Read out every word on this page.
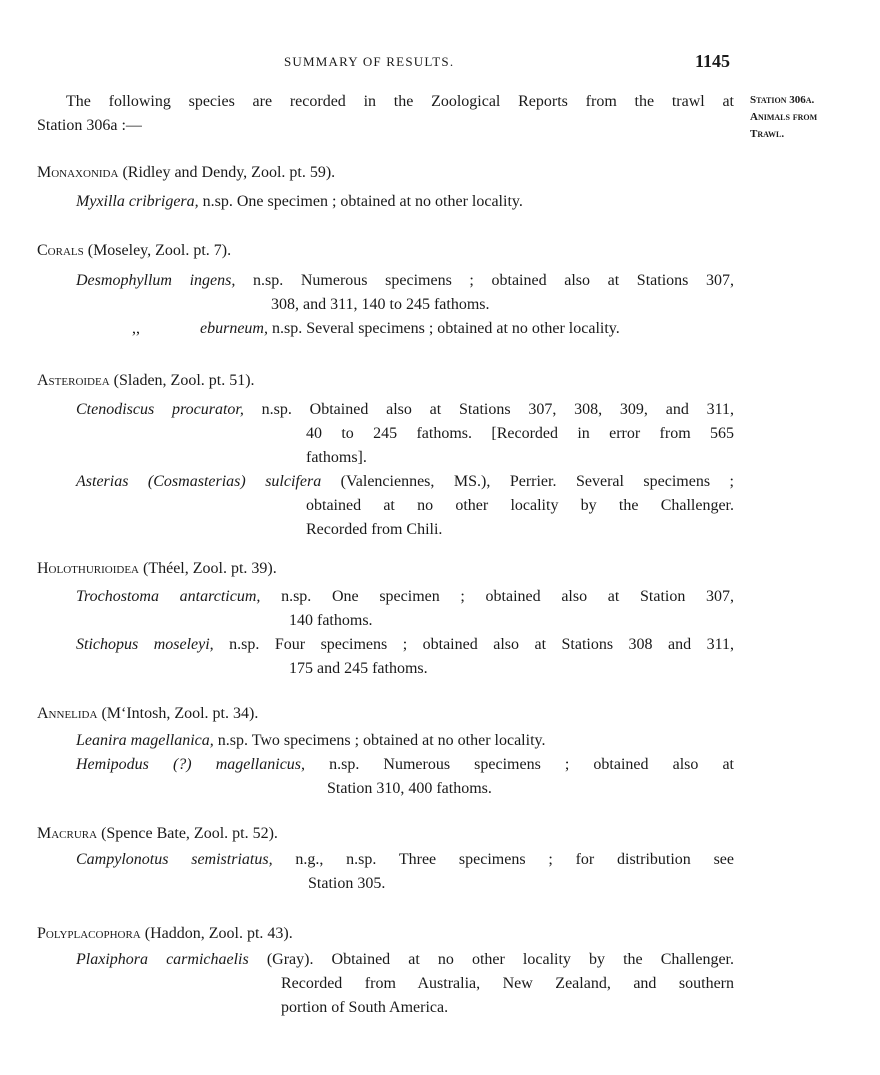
SUMMARY OF RESULTS.	1145
Station 306a.
Animals from
Trawl.
The following species are recorded in the Zoological Reports from the trawl at
Station 306a :—
Monaxonida (Ridley and Dendy, Zool. pt. 59).
Myxilla cribrigera, n.sp. One specimen ; obtained at no other locality.
Corals (Moseley, Zool. pt. 7).
Desmophyllum ingens, n.sp. Numerous specimens ; obtained also at Stations 307,
308, and 311, 140 to 245 fathoms.
,,	eburneum, n.sp. Several specimens ; obtained at no other locality.
Asteroidea (Sladen, Zool. pt. 51).
Ctenodiscus procurator, n.sp. Obtained also at Stations 307, 308, 309, and 311,
40 to 245 fathoms. [Recorded in error from 565
fathoms].
Asterias (Cosmasterias) sulcifera (Valenciennes, MS.), Perrier. Several specimens ;
obtained at no other locality by the Challenger.
Recorded from Chili.
Holothurioidea (Théel, Zool. pt. 39).
Trochostoma antarcticum, n.sp. One specimen ; obtained also at Station 307,
140 fathoms.
Stichopus moseleyi, n.sp. Four specimens ; obtained also at Stations 308 and 311,
175 and 245 fathoms.
Annelida (M‘Intosh, Zool. pt. 34).
Leanira magellanica, n.sp. Two specimens ; obtained at no other locality.
Hemipodus (?) magellanicus, n.sp. Numerous specimens ; obtained also at
Station 310, 400 fathoms.
Macrura (Spence Bate, Zool. pt. 52).
Campylonotus semistriatus, n.g., n.sp. Three specimens ; for distribution see
Station 305.
Polyplacophora (Haddon, Zool. pt. 43).
Plaxiphora carmichaelis (Gray). Obtained at no other locality by the Challenger.
Recorded from Australia, New Zealand, and southern
portion of South America.
